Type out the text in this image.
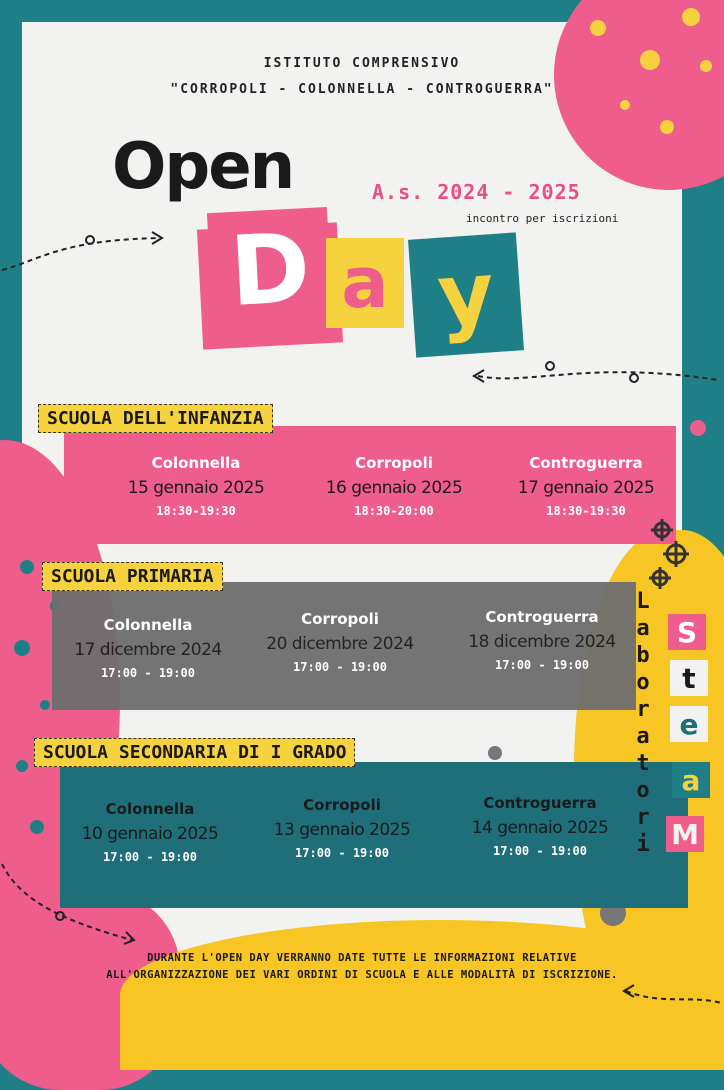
ISTITUTO COMPRENSIVO
"CORROPOLI - COLONNELLA - CONTROGUERRA"
Open
D a y
A.s. 2024 - 2025
incontro per iscrizioni
Colonnella
15 gennaio 2025
18:30-19:30
Corropoli
16 gennaio 2025
18:30-20:00
Controguerra
17 gennaio 2025
18:30-19:30
SCUOLA DELL'INFANZIA
Colonnella
17 dicembre 2024
17:00 - 19:00
Corropoli
20 dicembre 2024
17:00 - 19:00
Controguerra
18 dicembre 2024
17:00 - 19:00
SCUOLA PRIMARIA
Colonnella
10 gennaio 2025
17:00 - 19:00
Corropoli
13 gennaio 2025
17:00 - 19:00
Controguerra
14 gennaio 2025
17:00 - 19:00
SCUOLA SECONDARIA DI I GRADO
L
a
b
o
r
a
t
o
r
i
S
t
e
a
M
DURANTE L'OPEN DAY VERRANNO DATE TUTTE LE INFORMAZIONI RELATIVE
ALL'ORGANIZZAZIONE DEI VARI ORDINI DI SCUOLA E ALLE MODALITÀ DI ISCRIZIONE.
